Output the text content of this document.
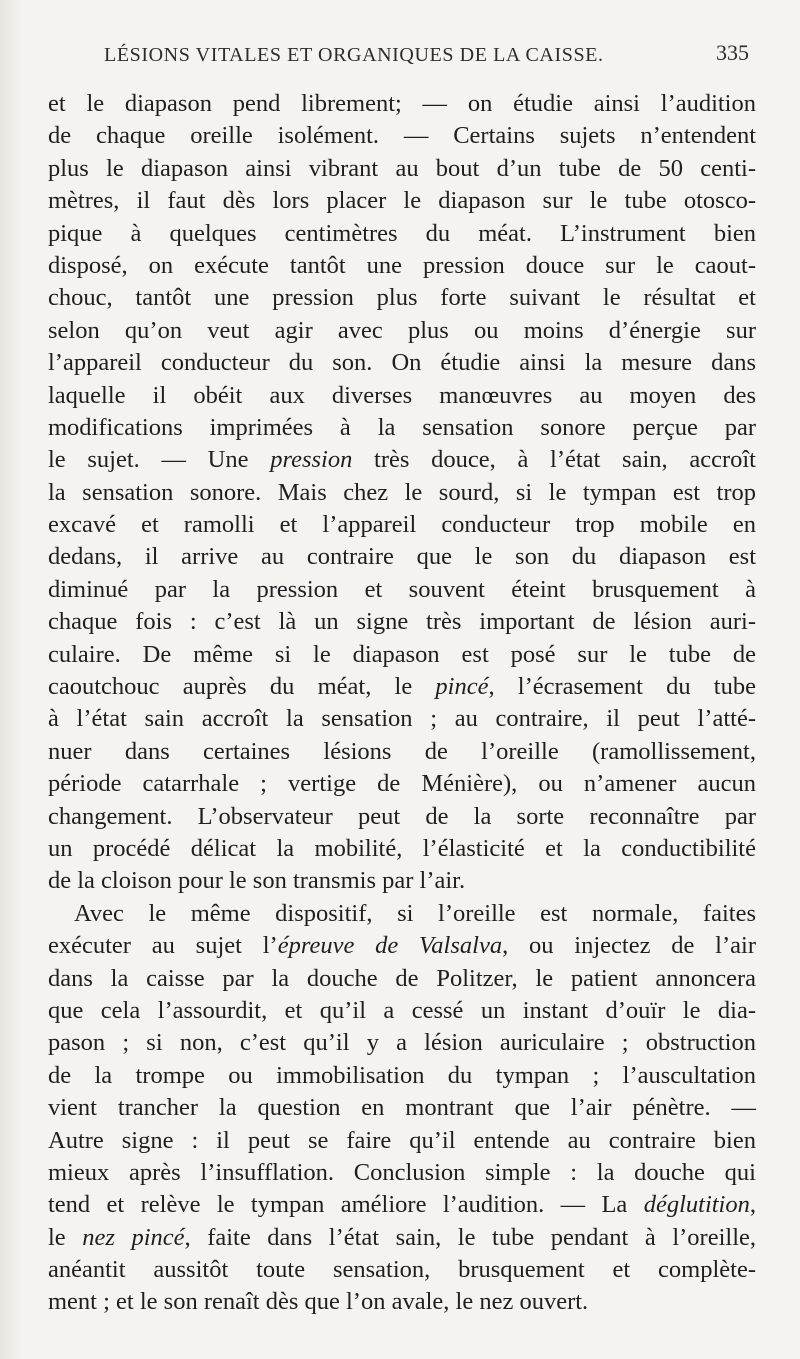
LÉSIONS VITALES ET ORGANIQUES DE LA CAISSE.	335
et le diapason pend librement; — on étudie ainsi l’audition
de chaque oreille isolément. — Certains sujets n’entendent
plus le diapason ainsi vibrant au bout d’un tube de 50 centi-
mètres, il faut dès lors placer le diapason sur le tube otosco-
pique à quelques centimètres du méat. L’instrument bien
disposé, on exécute tantôt une pression douce sur le caout-
chouc, tantôt une pression plus forte suivant le résultat et
selon qu’on veut agir avec plus ou moins d’énergie sur
l’appareil conducteur du son. On étudie ainsi la mesure dans
laquelle il obéit aux diverses manœuvres au moyen des
modifications imprimées à la sensation sonore perçue par
le sujet. — Une pression très douce, à l’état sain, accroît
la sensation sonore. Mais chez le sourd, si le tympan est trop
excavé et ramolli et l’appareil conducteur trop mobile en
dedans, il arrive au contraire que le son du diapason est
diminué par la pression et souvent éteint brusquement à
chaque fois : c’est là un signe très important de lésion auri-
culaire. De même si le diapason est posé sur le tube de
caoutchouc auprès du méat, le pincé, l’écrasement du tube
à l’état sain accroît la sensation ; au contraire, il peut l’atté-
nuer dans certaines lésions de l’oreille (ramollissement,
période catarrhale ; vertige de Ménière), ou n’amener aucun
changement. L’observateur peut de la sorte reconnaître par
un procédé délicat la mobilité, l’élasticité et la conductibilité
de la cloison pour le son transmis par l’air.
Avec le même dispositif, si l’oreille est normale, faites
exécuter au sujet l’épreuve de Valsalva, ou injectez de l’air
dans la caisse par la douche de Politzer, le patient annoncera
que cela l’assourdit, et qu’il a cessé un instant d’ouïr le dia-
pason ; si non, c’est qu’il y a lésion auriculaire ; obstruction
de la trompe ou immobilisation du tympan ; l’auscultation
vient trancher la question en montrant que l’air pénètre. —
Autre signe : il peut se faire qu’il entende au contraire bien
mieux après l’insufflation. Conclusion simple : la douche qui
tend et relève le tympan améliore l’audition. — La déglutition,
le nez pincé, faite dans l’état sain, le tube pendant à l’oreille,
anéantit aussitôt toute sensation, brusquement et complète-
ment ; et le son renaît dès que l’on avale, le nez ouvert.
